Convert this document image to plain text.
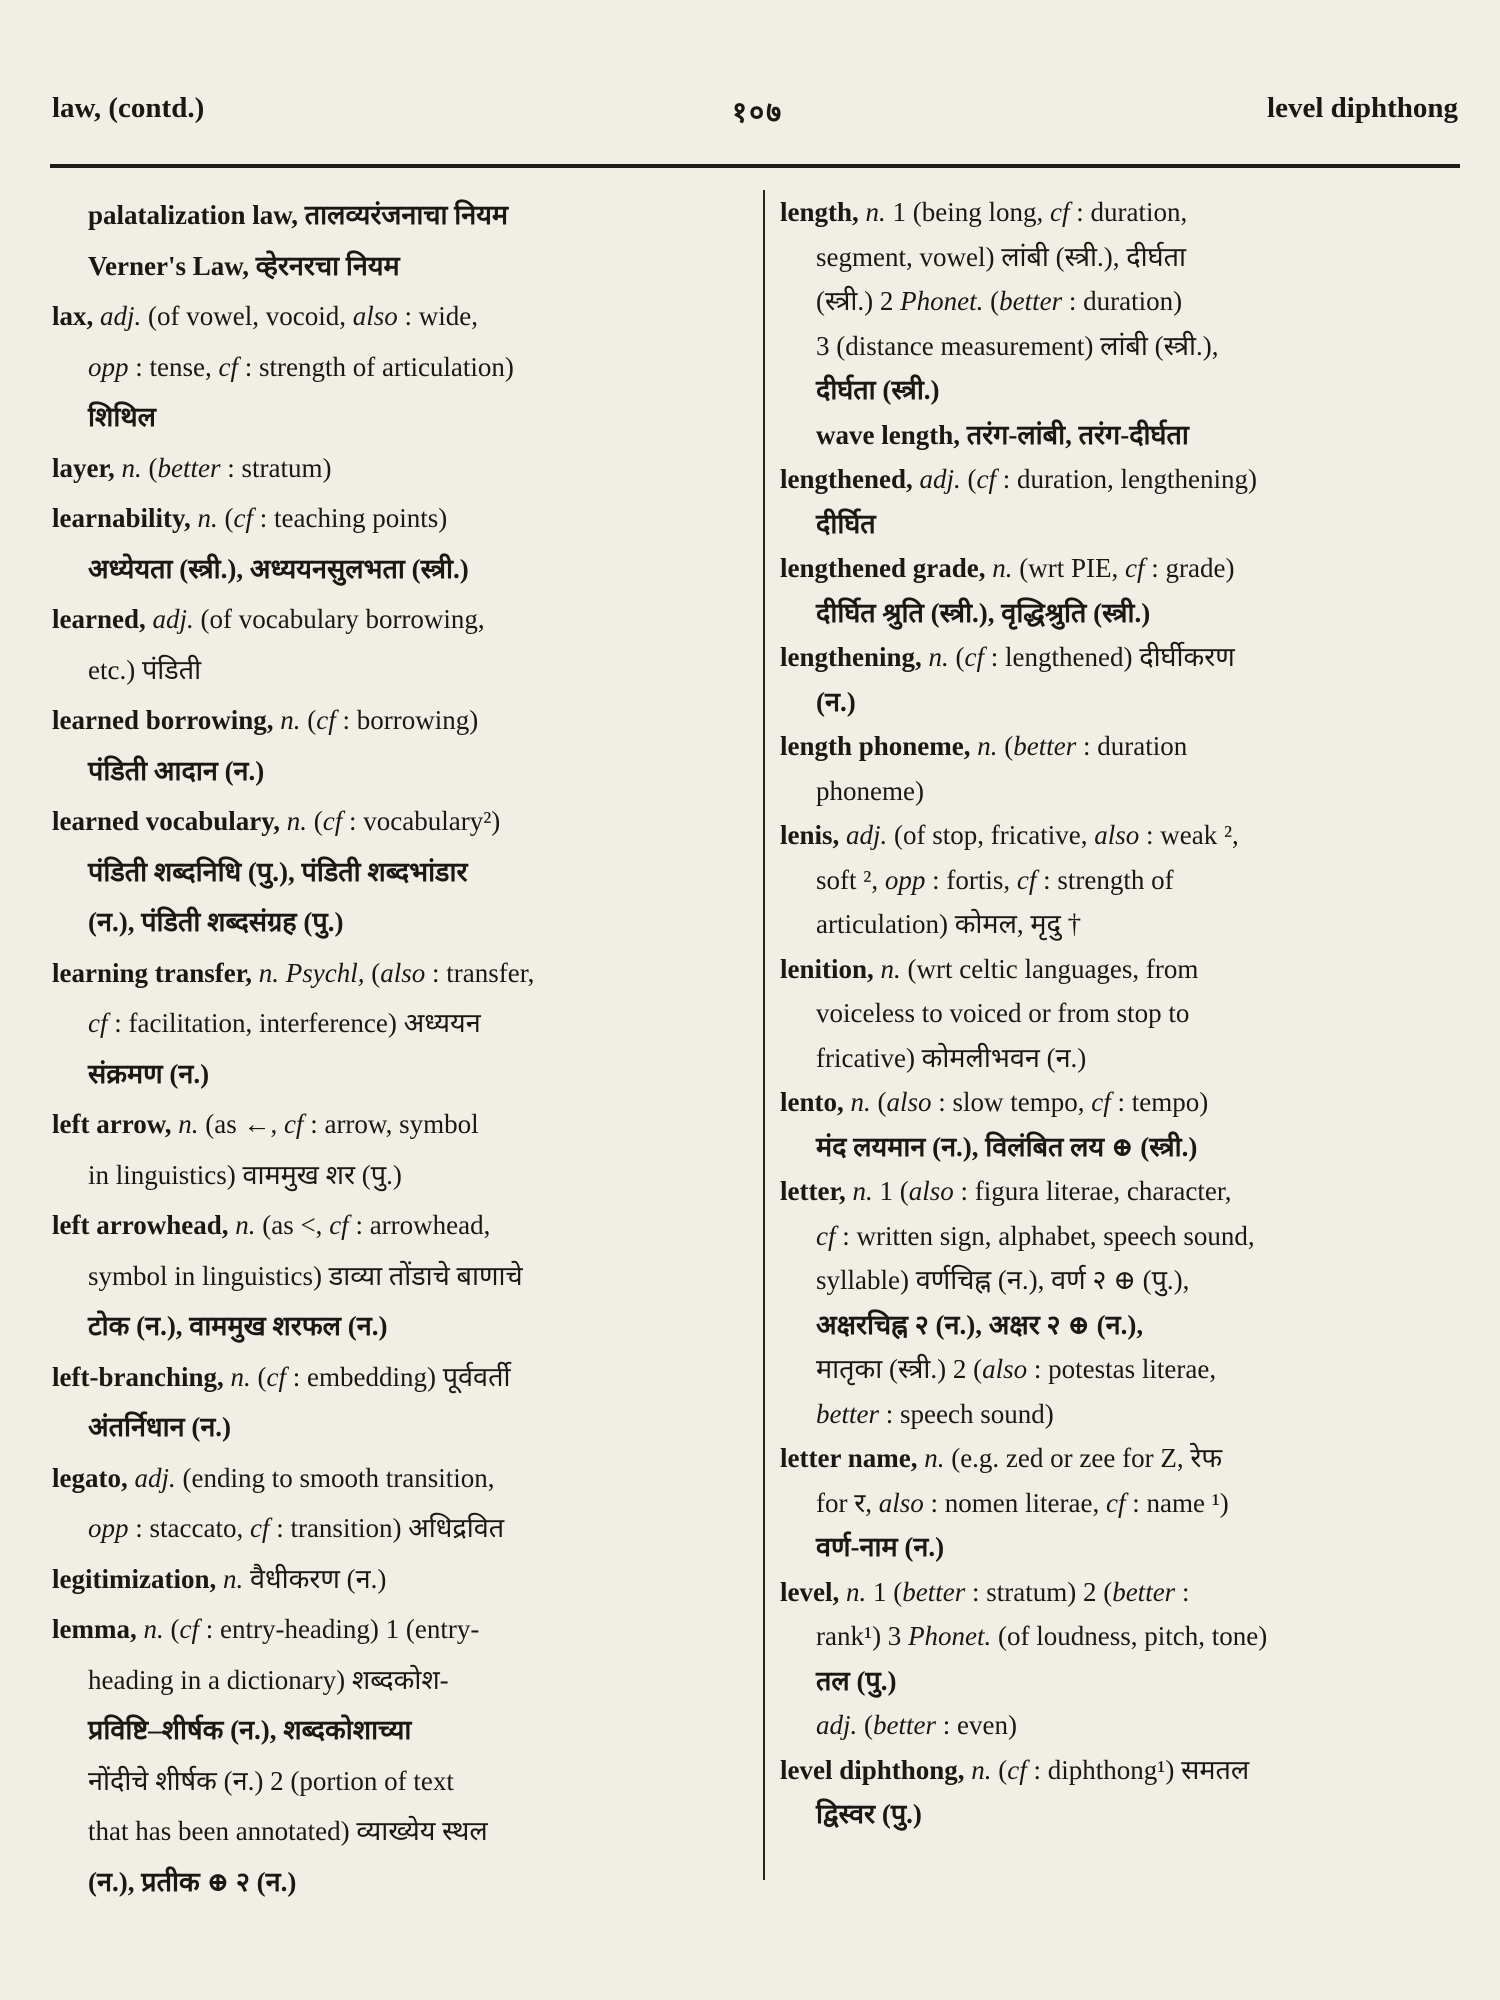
law, (contd.)	१०७	level diphthong
palatalization law, तालव्यरंजनाचा नियम
Verner's Law, व्हेरनरचा नियम
lax, adj. (of vowel, vocoid, also : wide,
opp : tense, cf : strength of articulation)
शिथिल
layer, n. (better : stratum)
learnability, n. (cf : teaching points)
अध्येयता (स्त्री.), अध्ययनसुलभता (स्त्री.)
learned, adj. (of vocabulary borrowing,
etc.) पंडिती
learned borrowing, n. (cf : borrowing)
पंडिती आदान (न.)
learned vocabulary, n. (cf : vocabulary²)
पंडिती शब्दनिधि (पु.), पंडिती शब्दभांडार
(न.), पंडिती शब्दसंग्रह (पु.)
learning transfer, n. Psychl, (also : transfer,
cf : facilitation, interference) अध्ययन
संक्रमण (न.)
left arrow, n. (as ←, cf : arrow, symbol
in linguistics) वाममुख शर (पु.)
left arrowhead, n. (as <, cf : arrowhead,
symbol in linguistics) डाव्या तोंडाचे बाणाचे
टोक (न.), वाममुख शरफल (न.)
left-branching, n. (cf : embedding) पूर्ववर्ती
अंतर्निधान (न.)
legato, adj. (ending to smooth transition,
opp : staccato, cf : transition) अधिद्रवित
legitimization, n. वैधीकरण (न.)
lemma, n. (cf : entry-heading) 1 (entry-
heading in a dictionary) शब्दकोश-
प्रविष्टि–शीर्षक (न.), शब्दकोशाच्या
नोंदीचे शीर्षक (न.) 2 (portion of text
that has been annotated) व्याख्येय स्थल
(न.), प्रतीक ⊕ २ (न.)
length, n. 1 (being long, cf : duration,
segment, vowel) लांबी (स्त्री.), दीर्घता
(स्त्री.) 2 Phonet. (better : duration)
3 (distance measurement) लांबी (स्त्री.),
दीर्घता (स्त्री.)
wave length, तरंग-लांबी, तरंग-दीर्घता
lengthened, adj. (cf : duration, lengthening)
दीर्घित
lengthened grade, n. (wrt PIE, cf : grade)
दीर्घित श्रुति (स्त्री.), वृद्धिश्रुति (स्त्री.)
lengthening, n. (cf : lengthened) दीर्घीकरण
(न.)
length phoneme, n. (better : duration
phoneme)
lenis, adj. (of stop, fricative, also : weak ²,
soft ², opp : fortis, cf : strength of
articulation) कोमल, मृदु †
lenition, n. (wrt celtic languages, from
voiceless to voiced or from stop to
fricative) कोमलीभवन (न.)
lento, n. (also : slow tempo, cf : tempo)
मंद लयमान (न.), विलंबित लय ⊕ (स्त्री.)
letter, n. 1 (also : figura literae, character,
cf : written sign, alphabet, speech sound,
syllable) वर्णचिह्न (न.), वर्ण २ ⊕ (पु.),
अक्षरचिह्न २ (न.), अक्षर २ ⊕ (न.),
मातृका (स्त्री.) 2 (also : potestas literae,
better : speech sound)
letter name, n. (e.g. zed or zee for Z, रेफ
for र, also : nomen literae, cf : name ¹)
वर्ण-नाम (न.)
level, n. 1 (better : stratum) 2 (better :
rank¹) 3 Phonet. (of loudness, pitch, tone)
तल (पु.)
adj. (better : even)
level diphthong, n. (cf : diphthong¹) समतल
द्विस्वर (पु.)
